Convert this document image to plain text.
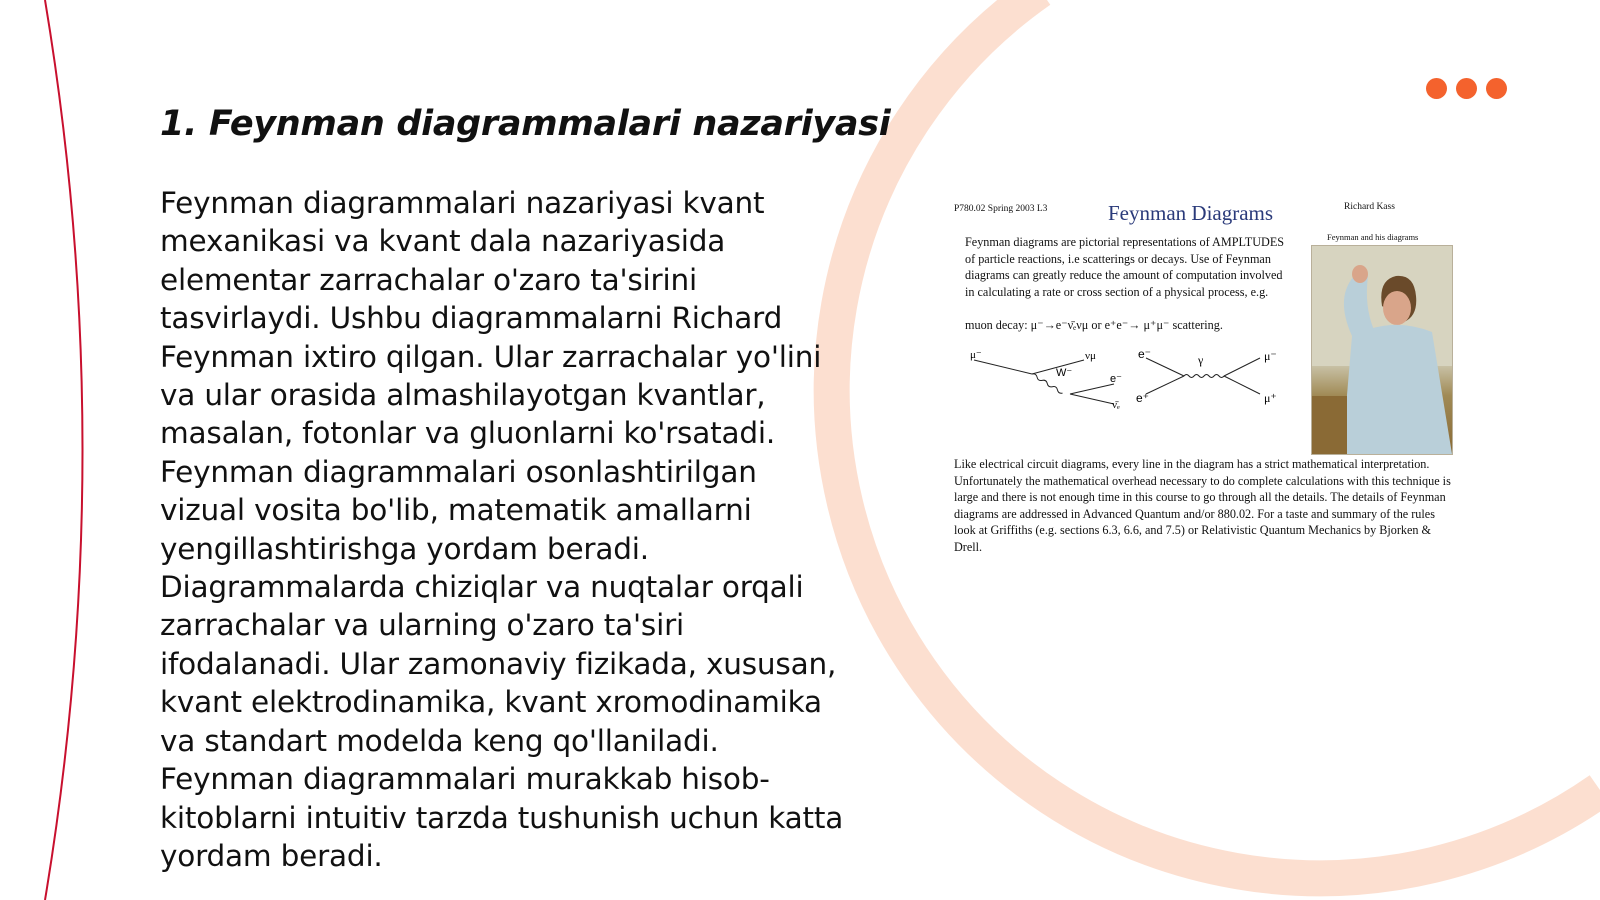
1. Feynman diagrammalari nazariyasi

Feynman diagrammalari nazariyasi kvant mexanikasi va kvant dala nazariyasida elementar zarrachalar o'zaro ta'sirini tasvirlaydi. Ushbu diagrammalarni Richard Feynman ixtiro qilgan. Ular zarrachalar yo'lini va ular orasida almashilayotgan kvantlar, masalan, fotonlar va gluonlarni ko'rsatadi. Feynman diagrammalari osonlashtirilgan vizual vosita bo'lib, matematik amallarni yengillashtirishga yordam beradi. Diagrammalarda chiziqlar va nuqtalar orqali zarrachalar va ularning o'zaro ta'siri ifodalanadi. Ular zamonaviy fizikada, xususan, kvant elektrodinamika, kvant xromodinamika va standart modelda keng qo'llaniladi. Feynman diagrammalari murakkab hisob-kitoblarni intuitiv tarzda tushunish uchun katta yordam beradi.

P780.02 Spring 2003 L3	Feynman Diagrams	Richard Kass

Feynman diagrams are pictorial representations of AMPLTUDES of particle reactions, i.e scatterings or decays. Use of Feynman diagrams can greatly reduce the amount of computation involved in calculating a rate or cross section of a physical process, e.g.

muon decay: μ⁻→e⁻ν̄ₑνμ or e⁺e⁻→ μ⁺μ⁻ scattering.

μ⁻	νμ
W⁻	e⁻
ν̄ₑ
e⁻
e⁺
γ	μ⁻
μ⁺
Feynman and his diagrams

Like electrical circuit diagrams, every line in the diagram has a strict mathematical interpretation. Unfortunately the mathematical overhead necessary to do complete calculations with this technique is large and there is not enough time in this course to go through all the details. The details of Feynman diagrams are addressed in Advanced Quantum and/or 880.02. For a taste and summary of the rules look at Griffiths (e.g. sections 6.3, 6.6, and 7.5) or Relativistic Quantum Mechanics by Bjorken & Drell.
